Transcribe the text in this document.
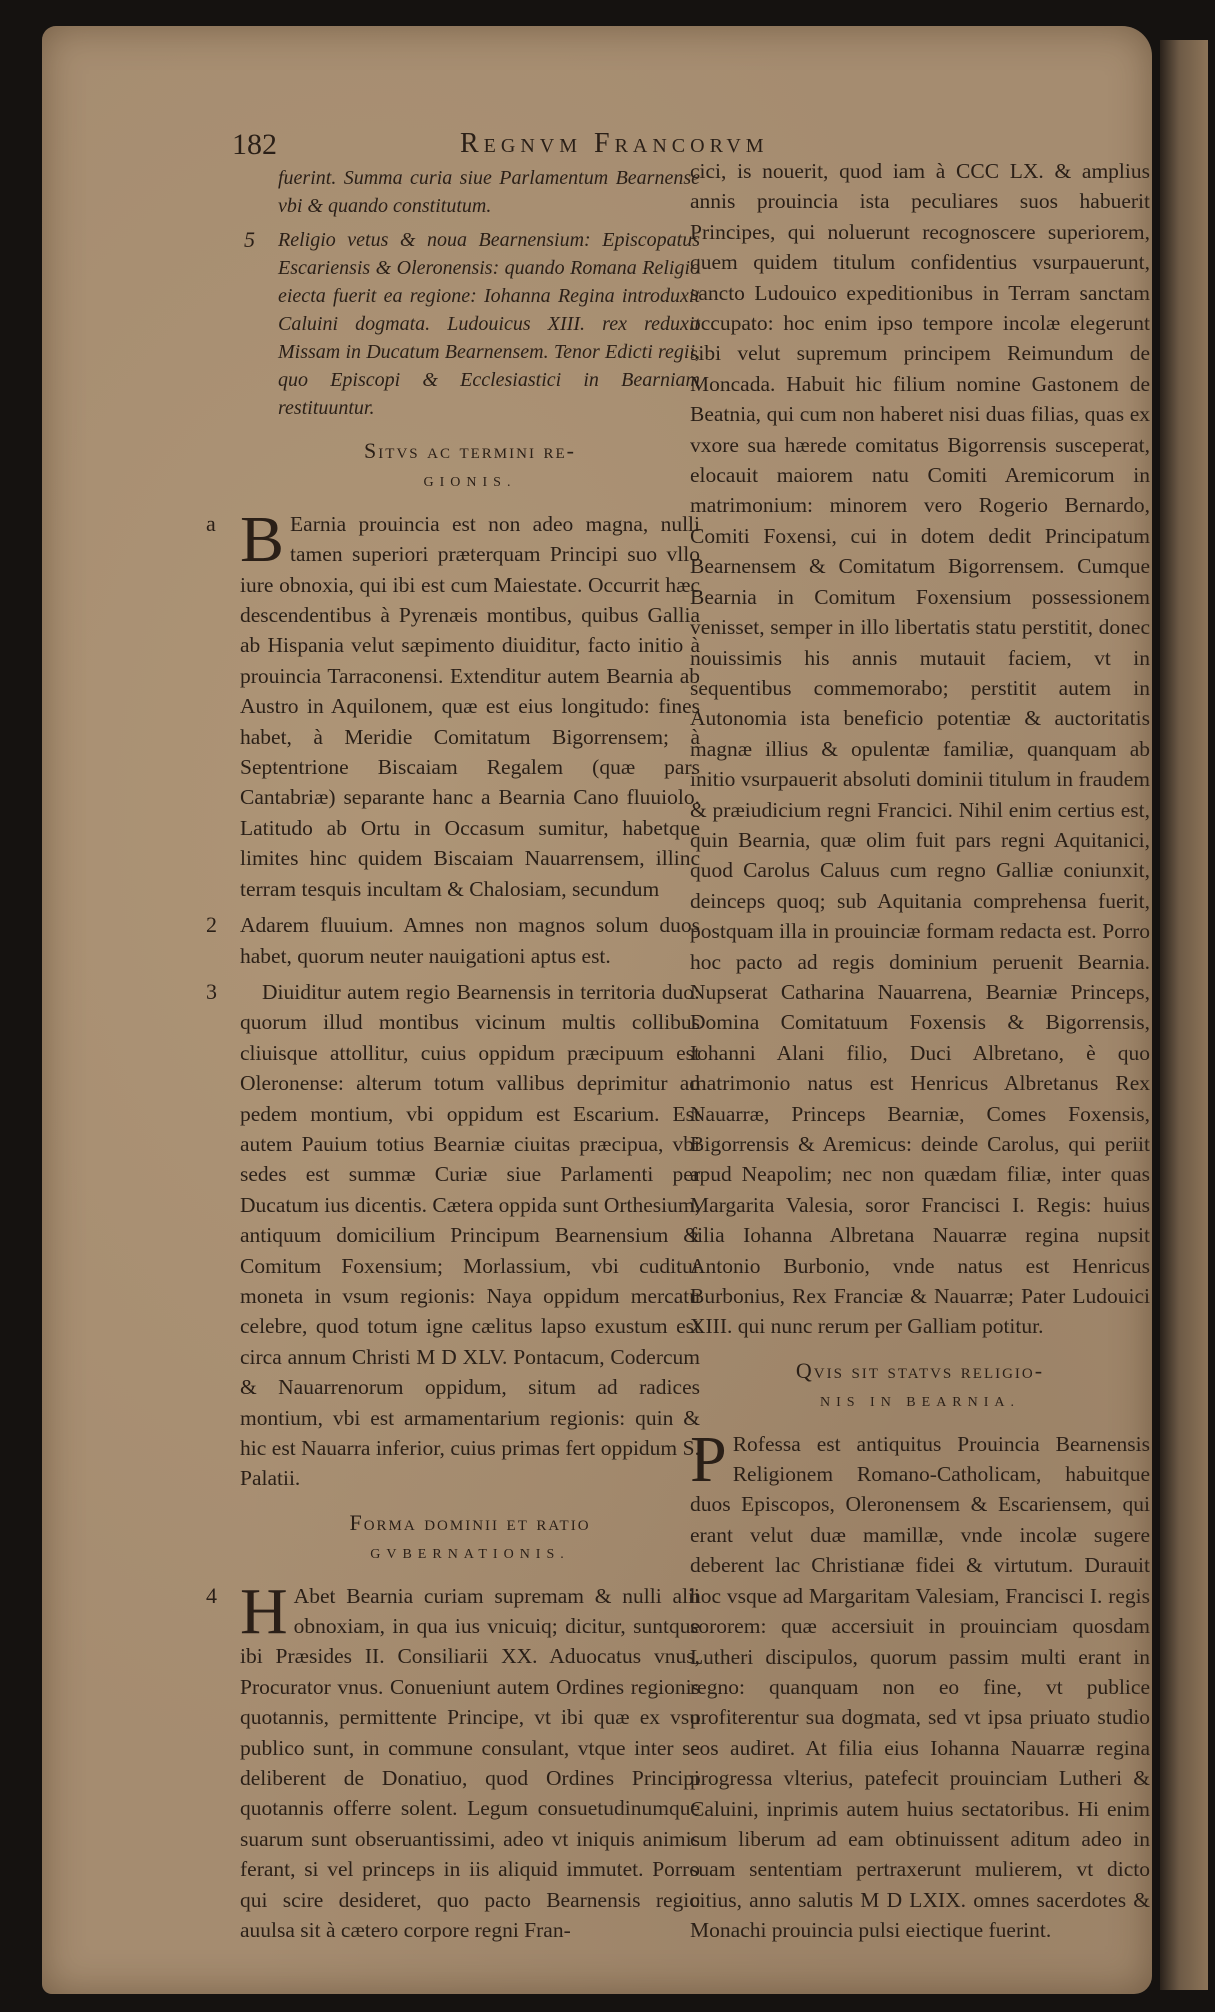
182	Regnvm Francorvm

fuerint. Summa curia siue Parlamentum Bearnense vbi & quando constitutum.

5	Religio vetus & noua Bearnensium: Episcopatus Escariensis & Oleronensis: quando Romana Religio eiecta fuerit ea regione: Iohanna Regina introduxit Caluini dogmata. Ludouicus XIII. rex reduxit Missam in Ducatum Bearnensem. Tenor Edicti regii, quo Episcopi & Ecclesiastici in Bearniam restituuntur.

Sitvs ac termini re-
GIONIS.

a B Earnia prouincia est non adeo magna, nulli tamen superiori præterquam Principi suo vllo iure obnoxia, qui ibi est cum Maiestate. Occurrit hæc descendentibus à Pyrenæis montibus, quibus Gallia ab Hispania velut sæpimento diuiditur, facto initio à prouincia Tarraconensi. Extenditur autem Bearnia ab Austro in Aquilonem, quæ est eius longitudo: fines habet, à Meridie Comitatum Bigorrensem; à Septentrione Biscaiam Regalem (quæ pars Cantabriæ) separante hanc a Bearnia Cano fluuiolo. Latitudo ab Ortu in Occasum sumitur, habetque limites hinc quidem Biscaiam Nauarrensem, illinc terram tesquis incultam & Chalosiam, secundum

2	Adarem fluuium. Amnes non magnos solum duos habet, quorum neuter nauigationi aptus est.

3	Diuiditur autem regio Bearnensis in territoria duo: quorum illud montibus vicinum multis collibus cliuisque attollitur, cuius oppidum præcipuum est Oleronense: alterum totum vallibus deprimitur ad pedem montium, vbi oppidum est Escarium. Est autem Pauium totius Bearniæ ciuitas præcipua, vbi sedes est summæ Curiæ siue Parlamenti per Ducatum ius dicentis. Cætera oppida sunt Orthesium, antiquum domicilium Principum Bearnensium & Comitum Foxensium; Morlassium, vbi cuditur moneta in vsum regionis: Naya oppidum mercatu celebre, quod totum igne cælitus lapso exustum est circa annum Christi M D XLV. Pontacum, Codercum & Nauarrenorum oppidum, situm ad radices montium, vbi est armamentarium regionis: quin & hic est Nauarra inferior, cuius primas fert oppidum S. Palatii.

Forma dominii et ratio
GVBERNATIONIS.

4 H Abet Bearnia curiam supremam & nulli alii obnoxiam, in qua ius vnicuiq; dicitur, suntque ibi Præsides II. Consiliarii XX. Aduocatus vnus, Procurator vnus. Conueniunt autem Ordines regionis quotannis, permittente Principe, vt ibi quæ ex vsu publico sunt, in commune consulant, vtque inter se deliberent de Donatiuo, quod Ordines Principi quotannis offerre solent. Legum consuetudinumque suarum sunt obseruantissimi, adeo vt iniquis animis ferant, si vel princeps in iis aliquid immutet. Porro qui scire desideret, quo pacto Bearnensis regio auulsa sit à cætero corpore regni Fran-

cici, is nouerit, quod iam à CCC LX. & amplius annis prouincia ista peculiares suos habuerit Principes, qui noluerunt recognoscere superiorem, quem quidem titulum confidentius vsurpauerunt, sancto Ludouico expeditionibus in Terram sanctam occupato: hoc enim ipso tempore incolæ elegerunt sibi velut supremum principem Reimundum de Moncada. Habuit hic filium nomine Gastonem de Beatnia, qui cum non haberet nisi duas filias, quas ex vxore sua hærede comitatus Bigorrensis susceperat, elocauit maiorem natu Comiti Aremicorum in matrimonium: minorem vero Rogerio Bernardo, Comiti Foxensi, cui in dotem dedit Principatum Bearnensem & Comitatum Bigorrensem. Cumque Bearnia in Comitum Foxensium possessionem venisset, semper in illo libertatis statu perstitit, donec nouissimis his annis mutauit faciem, vt in sequentibus commemorabo; perstitit autem in Autonomia ista beneficio potentiæ & auctoritatis magnæ illius & opulentæ familiæ, quanquam ab initio vsurpauerit absoluti dominii titulum in fraudem & præiudicium regni Francici. Nihil enim certius est, quin Bearnia, quæ olim fuit pars regni Aquitanici, quod Carolus Caluus cum regno Galliæ coniunxit, deinceps quoq; sub Aquitania comprehensa fuerit, postquam illa in prouinciæ formam redacta est. Porro hoc pacto ad regis dominium peruenit Bearnia. Nupserat Catharina Nauarrena, Bearniæ Princeps, Domina Comitatuum Foxensis & Bigorrensis, Iohanni Alani filio, Duci Albretano, è quo matrimonio natus est Henricus Albretanus Rex Nauarræ, Princeps Bearniæ, Comes Foxensis, Bigorrensis & Aremicus: deinde Carolus, qui periit apud Neapolim; nec non quædam filiæ, inter quas Margarita Valesia, soror Francisci I. Regis: huius filia Iohanna Albretana Nauarræ regina nupsit Antonio Burbonio, vnde natus est Henricus Burbonius, Rex Franciæ & Nauarræ; Pater Ludouici XIII. qui nunc rerum per Galliam potitur.

Qvis sit statvs religio-
NIS IN BEARNIA.

P Rofessa est antiquitus Prouincia Bearnensis Religionem Romano-Catholicam, habuitque duos Episcopos, Oleronensem & Escariensem, qui erant velut duæ mamillæ, vnde incolæ sugere deberent lac Christianæ fidei & virtutum. Durauit hoc vsque ad Margaritam Valesiam, Francisci I. regis sororem: quæ accersiuit in prouinciam quosdam Lutheri discipulos, quorum passim multi erant in regno: quanquam non eo fine, vt publice profiterentur sua dogmata, sed vt ipsa priuato studio eos audiret. At filia eius Iohanna Nauarræ regina progressa vlterius, patefecit prouinciam Lutheri & Caluini, inprimis autem huius sectatoribus. Hi enim cum liberum ad eam obtinuissent aditum adeo in suam sententiam pertraxerunt mulierem, vt dicto citius, anno salutis M D LXIX. omnes sacerdotes & Monachi prouincia pulsi eiectique fuerint.
